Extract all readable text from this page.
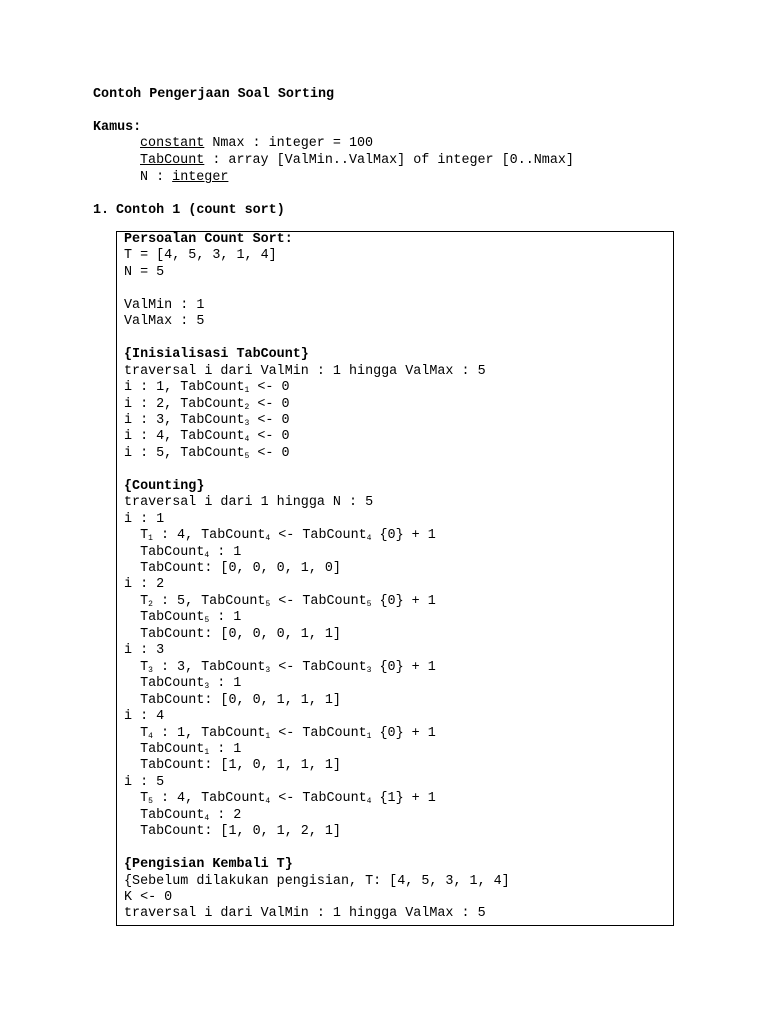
Contoh Pengerjaan Soal Sorting
Kamus:
constant Nmax : integer = 100
TabCount : array [ValMin..ValMax] of integer [0..Nmax]
N : integer
1. Contoh 1 (count sort)
Persoalan Count Sort:
T = [4, 5, 3, 1, 4]
N = 5
ValMin : 1
ValMax : 5
{Inisialisasi TabCount}
traversal i dari ValMin : 1 hingga ValMax : 5
i : 1, TabCount$_1$ <- 0
i : 2, TabCount$_2$ <- 0
i : 3, TabCount$_3$ <- 0
i : 4, TabCount$_4$ <- 0
i : 5, TabCount$_5$ <- 0
{Counting}
traversal i dari 1 hingga N : 5
i : 1
$T_1$ : 4, TabCount$_4$ <- TabCount$_4$ {0} + 1
TabCount$_4$ : 1
TabCount: [0, 0, 0, 1, 0]
i : 2
$T_2$ : 5, TabCount$_5$ <- TabCount$_5$ {0} + 1
TabCount$_5$ : 1
TabCount: [0, 0, 0, 1, 1]
i : 3
$T_3$ : 3, TabCount$_3$ <- TabCount$_3$ {0} + 1
TabCount$_3$ : 1
TabCount: [0, 0, 1, 1, 1]
i : 4
$T_4$ : 1, TabCount$_1$ <- TabCount$_1$ {0} + 1
TabCount$_1$ : 1
TabCount: [1, 0, 1, 1, 1]
i : 5
$T_5$ : 4, TabCount$_4$ <- TabCount$_4$ {1} + 1
TabCount$_4$ : 2
TabCount: [1, 0, 1, 2, 1]
{Pengisian Kembali T}
{Sebelum dilakukan pengisian, T: [4, 5, 3, 1, 4]
K <- 0
traversal i dari ValMin : 1 hingga ValMax : 5
